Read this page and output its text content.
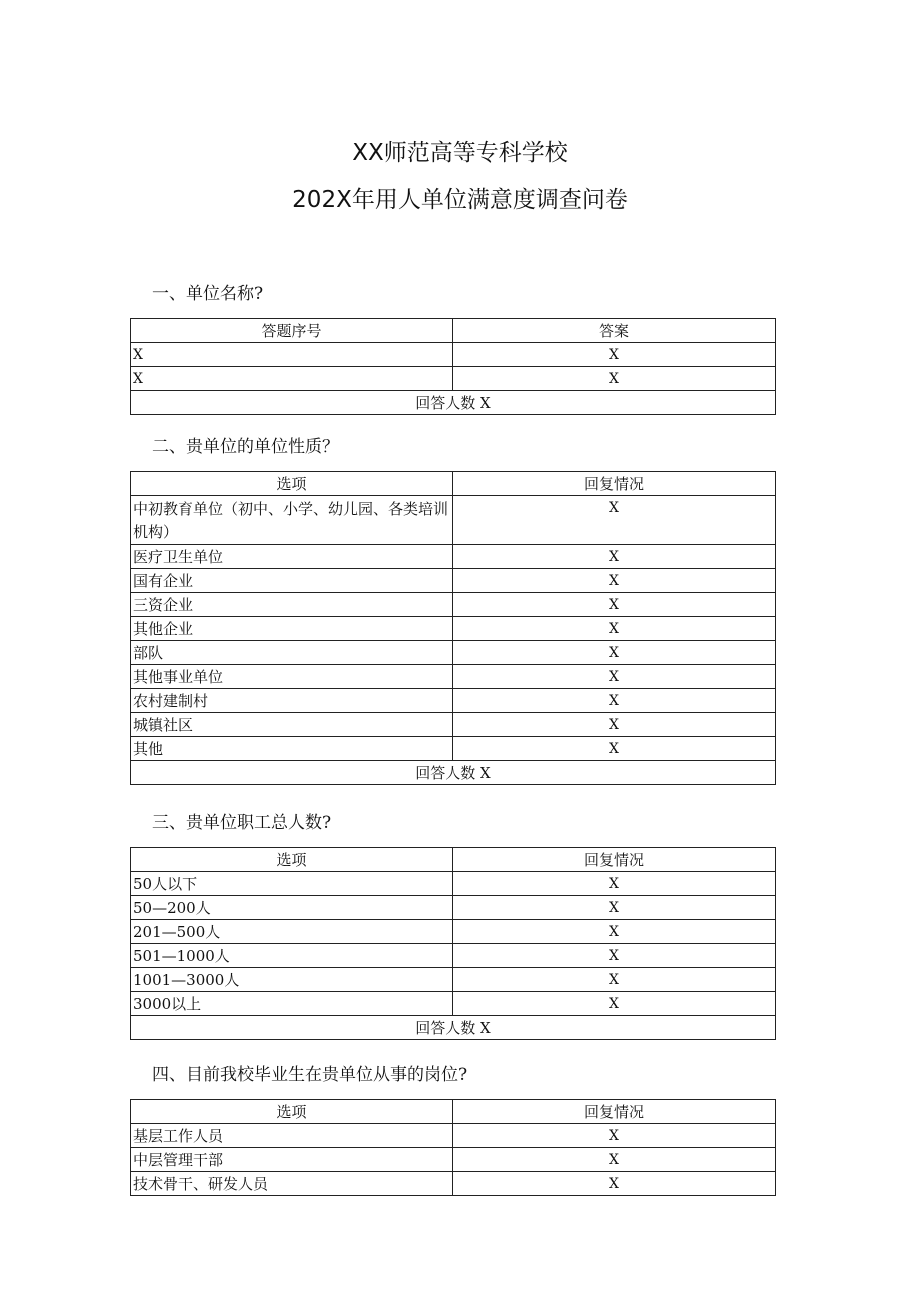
XX师范高等专科学校
202X年用人单位满意度调查问卷
一、单位名称?
答题序号	答案
X	X
X	X
回答人数 X	
二、贵单位的单位性质？
选项	回复情况
中初教育单位（初中、小学、幼儿园、各类培训机构）	X
医疗卫生单位	X
国有企业	X
三资企业	X
其他企业	X
部队	X
其他事业单位	X
农村建制村	X
城镇社区	X
其他	X
回答人数 X	
三、贵单位职工总人数?
选项	回复情况
50人以下	X
50—200人	X
201—500人	X
501—1000人	X
1001—3000人	X
3000以上	X
回答人数 X	
四、目前我校毕业生在贵单位从事的岗位?
选项	回复情况
基层工作人员	X
中层管理干部	X
技术骨干、研发人员	X
